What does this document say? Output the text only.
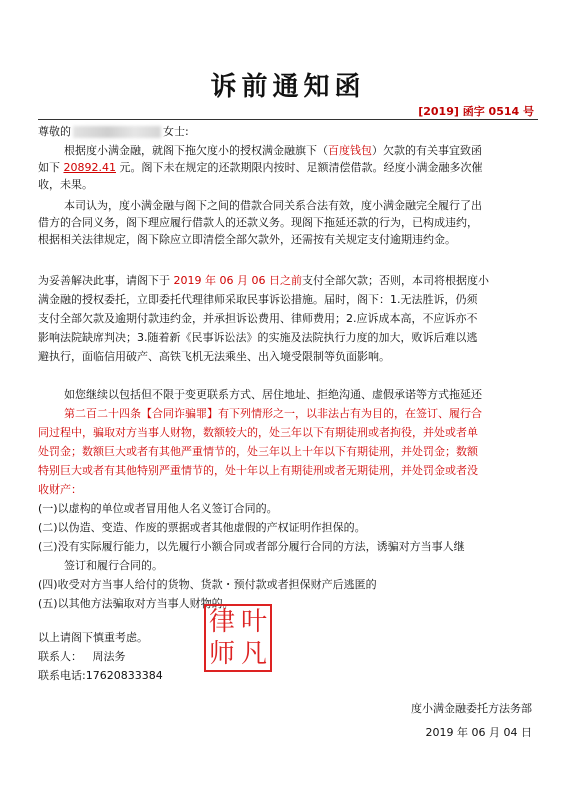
诉前通知函
[2019] 函字 0514 号
尊敬的	女士:
根据度小满金融，就阁下拖欠度小的授权满金融旗下（百度钱包）欠款的有关事宜致函
如下 20892.41 元。阁下未在规定的还款期限内按时、足额清偿借款。经度小满金融多次催
收，未果。
本司认为，度小满金融与阁下之间的借款合同关系合法有效，度小满金融完全履行了出
借方的合同义务，阁下理应履行借款人的还款义务。现阁下拖延还款的行为，已构成违约，
根据相关法律规定，阁下除应立即清偿全部欠款外，还需按有关规定支付逾期违约金。
为妥善解决此事，请阁下于 2019 年 06 月 06 日之前支付全部欠款；否则，本司将根据度小
满金融的授权委托，立即委托代理律师采取民事诉讼措施。届时，阁下：1.无法胜诉，仍须
支付全部欠款及逾期付款违约金，并承担诉讼费用、律师费用；2.应诉成本高，不应诉亦不
影响法院缺席判决；3.随着新《民事诉讼法》的实施及法院执行力度的加大，败诉后难以逃
避执行，面临信用破产、高铁飞机无法乘坐、出入境受限制等负面影响。
如您继续以包括但不限于变更联系方式、居住地址、拒绝沟通、虚假承诺等方式拖延还
第二百二十四条【合同诈骗罪】有下列情形之一，以非法占有为目的，在签订、履行合
同过程中，骗取对方当事人财物，数额较大的，处三年以下有期徒刑或者拘役，并处或者单
处罚金；数额巨大或者有其他严重情节的，处三年以上十年以下有期徒刑，并处罚金；数额
特别巨大或者有其他特别严重情节的，处十年以上有期徒刑或者无期徒刑，并处罚金或者没
收财产：
(一)以虚构的单位或者冒用他人名义签订合同的。
(二)以伪造、变造、作废的票据或者其他虚假的产权证明作担保的。
(三)没有实际履行能力，以先履行小额合同或者部分履行合同的方法，诱骗对方当事人继
签订和履行合同的。
(四)收受对方当事人给付的货物、货款・预付款或者担保财产后逃匿的
(五)以其他方法骗取对方当事人财物的。
以上请阁下慎重考虑。
联系人： 周法务
联系电话:17620833384
律 叶
师 凡
度小满金融委托方法务部
2019 年 06 月 04 日
